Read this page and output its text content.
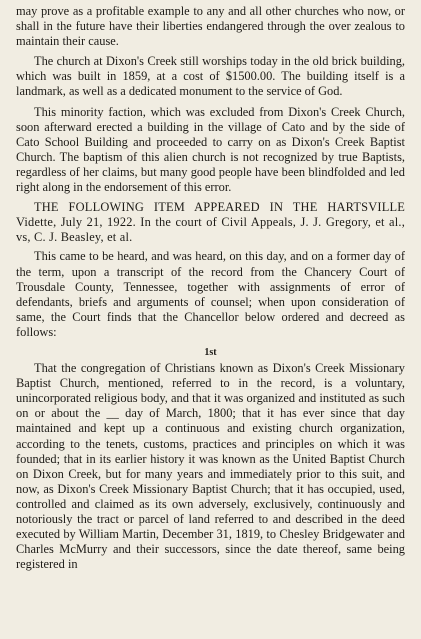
may prove as a profitable example to any and all other churches who now, or shall in the future have their liberties endangered through the over zealous to maintain their cause.

The church at Dixon's Creek still worships today in the old brick building, which was built in 1859, at a cost of $1500.00. The building itself is a landmark, as well as a dedicated monument to the service of God.

This minority faction, which was excluded from Dixon's Creek Church, soon afterward erected a building in the village of Cato and by the side of Cato School Building and proceeded to carry on as Dixon's Creek Baptist Church. The baptism of this alien church is not recognized by true Baptists, regardless of her claims, but many good people have been blindfolded and led right along in the endorsement of this error.

THE FOLLOWING ITEM APPEARED IN THE HARTSVILLE Vidette, July 21, 1922. In the court of Civil Appeals, J. J. Gregory, et al., vs, C. J. Beasley, et al.

This came to be heard, and was heard, on this day, and on a former day of the term, upon a transcript of the record from the Chancery Court of Trousdale County, Tennessee, together with assignments of error of defendants, briefs and arguments of counsel; when upon consideration of same, the Court finds that the Chancellor below ordered and decreed as follows:

1st

That the congregation of Christians known as Dixon's Creek Missionary Baptist Church, mentioned, referred to in the record, is a voluntary, unincorporated religious body, and that it was organized and instituted as such on or about the __ day of March, 1800; that it has ever since that day maintained and kept up a continuous and existing church organization, according to the tenets, customs, practices and principles on which it was founded; that in its earlier history it was known as the United Baptist Church on Dixon Creek, but for many years and immediately prior to this suit, and now, as Dixon's Creek Missionary Baptist Church; that it has occupied, used, controlled and claimed as its own adversely, exclusively, continuously and notoriously the tract or parcel of land referred to and described in the deed executed by William Martin, December 31, 1819, to Chesley Bridgewater and Charles McMurry and their successors, since the date thereof, same being registered in
